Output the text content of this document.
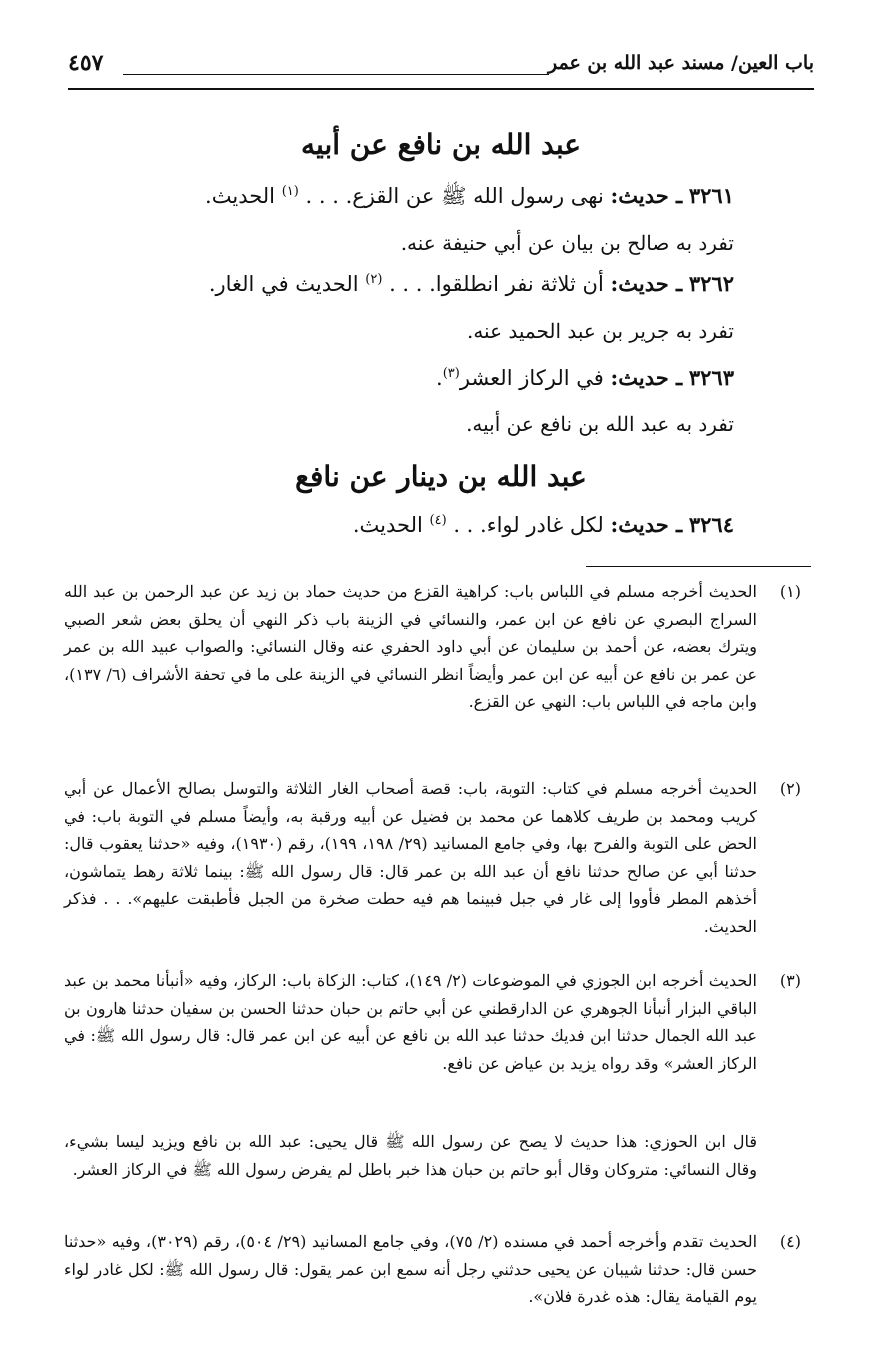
باب العين/ مسند عبد الله بن عمر
٤٥٧
عبد الله بن نافع عن أبيه
٣٢٦١ ـ حديث: نهى رسول الله ﷺ عن القزع. . . . $^{(١)}$ الحديث.
تفرد به صالح بن بيان عن أبي حنيفة عنه.
٣٢٦٢ ـ حديث: أن ثلاثة نفر انطلقوا. . . . $^{(٢)}$ الحديث في الغار.
تفرد به جرير بن عبد الحميد عنه.
٣٢٦٣ ـ حديث: في الركاز العشر$^{(٣)}$.
تفرد به عبد الله بن نافع عن أبيه.
عبد الله بن دينار عن نافع
٣٢٦٤ ـ حديث: لكل غادر لواء. . . $^{(٤)}$ الحديث.
(١)
الحديث أخرجه مسلم في اللباس باب: كراهية القزع من حديث حماد بن زيد عن عبد الرحمن بن عبد الله السراج البصري عن نافع عن ابن عمر، والنسائي في الزينة باب ذكر النهي أن يحلق بعض شعر الصبي ويترك بعضه، عن أحمد بن سليمان عن أبي داود الحفري عنه وقال النسائي: والصواب عبيد الله بن عمر عن عمر بن نافع عن أبيه عن ابن عمر وأيضاً انظر النسائي في الزينة على ما في تحفة الأشراف (٦/ ١٣٧)، وابن ماجه في اللباس باب: النهي عن القزع.
(٢)
الحديث أخرجه مسلم في كتاب: التوبة، باب: قصة أصحاب الغار الثلاثة والتوسل بصالح الأعمال عن أبي كريب ومحمد بن طريف كلاهما عن محمد بن فضيل عن أبيه ورقبة به، وأيضاً مسلم في التوبة باب: في الحض على التوبة والفرح بها، وفي جامع المسانيد (٢٩/ ١٩٨، ١٩٩)، رقم (١٩٣٠)، وفيه «حدثنا يعقوب قال: حدثنا أبي عن صالح حدثنا نافع أن عبد الله بن عمر قال: قال رسول الله ﷺ: بينما ثلاثة رهط يتماشون، أخذهم المطر فأووا إلى غار في جبل فبينما هم فيه حطت صخرة من الجبل فأطبقت عليهم». . . فذكر الحديث.
(٣)
الحديث أخرجه ابن الجوزي في الموضوعات (٢/ ١٤٩)، كتاب: الزكاة باب: الركاز، وفيه «أنبأنا محمد بن عبد الباقي البزار أنبأنا الجوهري عن الدارقطني عن أبي حاتم بن حبان حدثنا الحسن بن سفيان حدثنا هارون بن عبد الله الجمال حدثنا ابن فديك حدثنا عبد الله بن نافع عن أبيه عن ابن عمر قال: قال رسول الله ﷺ: في الركاز العشر» وقد رواه يزيد بن عياض عن نافع.
قال ابن الحوزي: هذا حديث لا يصح عن رسول الله ﷺ قال يحيى: عبد الله بن نافع ويزيد ليسا بشيء، وقال النسائي: متروكان وقال أبو حاتم بن حبان هذا خبر باطل لم يفرض رسول الله ﷺ في الركاز العشر.
(٤)
الحديث تقدم وأخرجه أحمد في مسنده (٢/ ٧٥)، وفي جامع المسانيد (٢٩/ ٥٠٤)، رقم (٣٠٢٩)، وفيه «حدثنا حسن قال: حدثنا شيبان عن يحيى حدثني رجل أنه سمع ابن عمر يقول: قال رسول الله ﷺ: لكل غادر لواء يوم القيامة يقال: هذه غدرة فلان».
